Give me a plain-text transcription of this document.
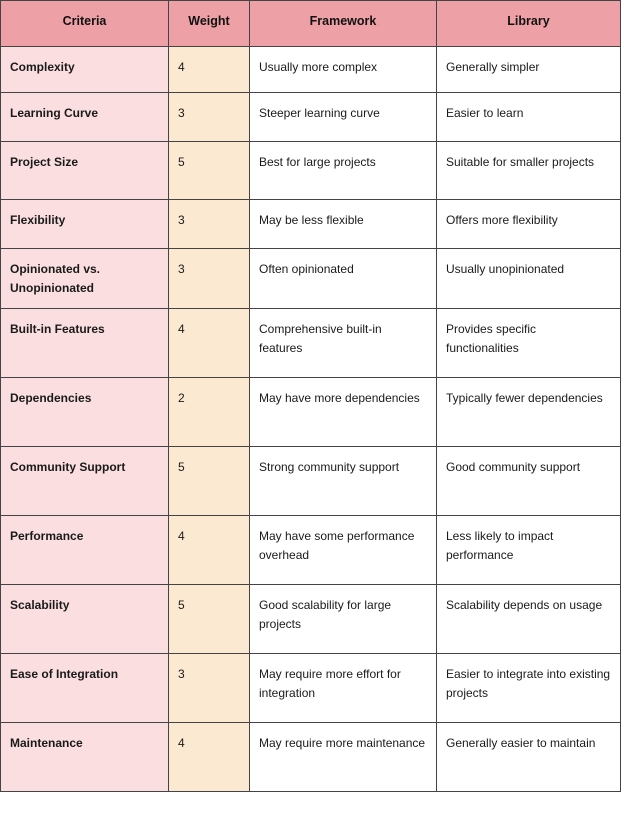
Criteria	Weight	Framework	Library
Complexity	4	Usually more complex	Generally simpler
Learning Curve	3	Steeper learning curve	Easier to learn
Project Size	5	Best for large projects	Suitable for smaller projects
Flexibility	3	May be less flexible	Offers more flexibility
Opinionated vs. Unopinionated	3	Often opinionated	Usually unopinionated
Built-in Features	4	Comprehensive built-in features	Provides specific functionalities
Dependencies	2	May have more dependencies	Typically fewer dependencies
Community Support	5	Strong community support	Good community support
Performance	4	May have some performance overhead	Less likely to impact performance
Scalability	5	Good scalability for large projects	Scalability depends on usage
Ease of Integration	3	May require more effort for integration	Easier to integrate into existing projects
Maintenance	4	May require more maintenance	Generally easier to maintain
